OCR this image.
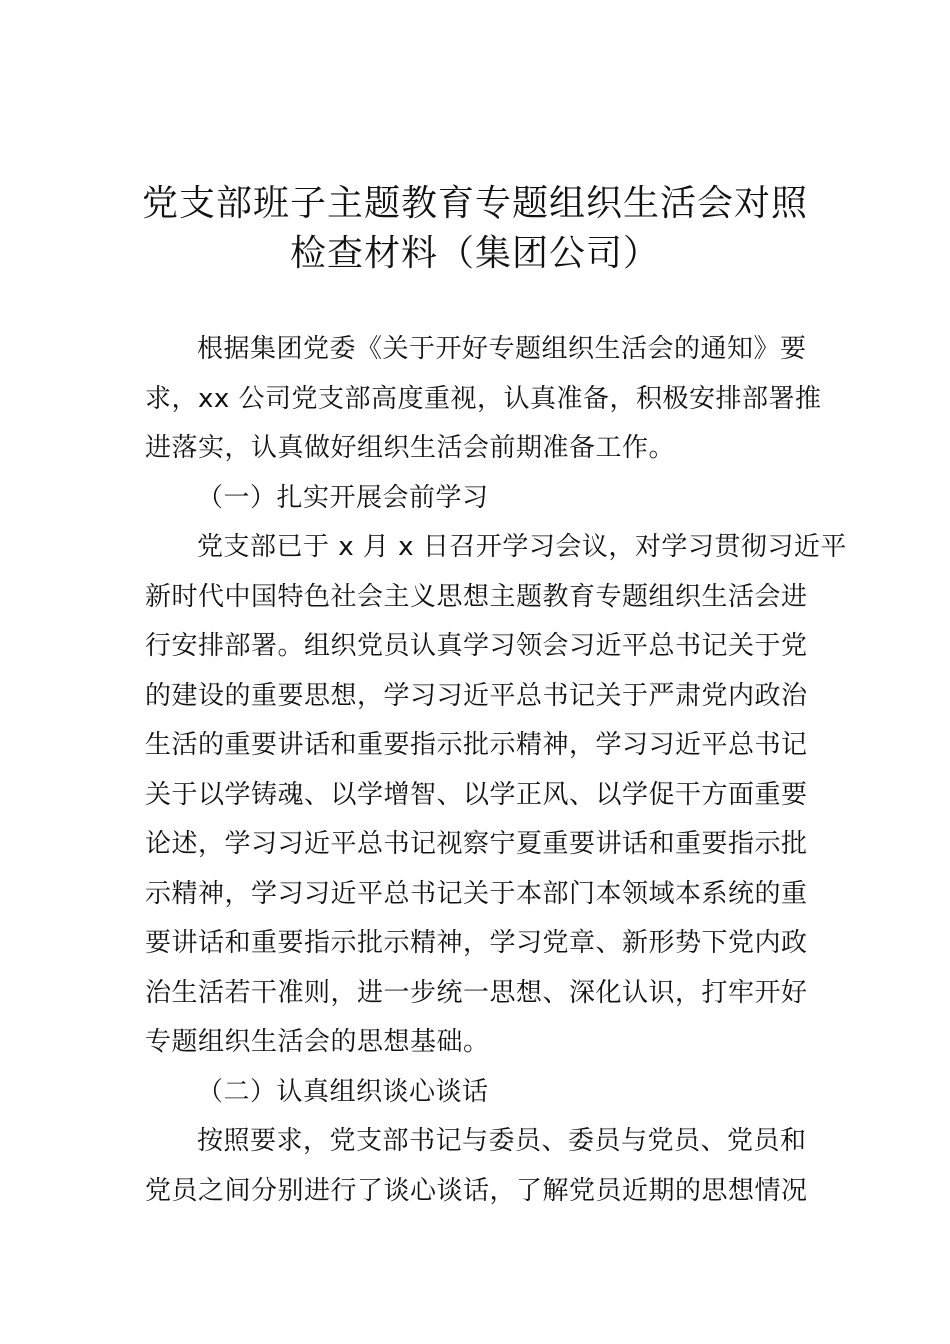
党支部班子主题教育专题组织生活会对照
检查材料（集团公司）

根据集团党委《关于开好专题组织生活会的通知》要
求，xx 公司党支部高度重视，认真准备，积极安排部署推
进落实，认真做好组织生活会前期准备工作。

（一）扎实开展会前学习

党支部已于 x 月 x 日召开学习会议，对学习贯彻习近平
新时代中国特色社会主义思想主题教育专题组织生活会进
行安排部署。组织党员认真学习领会习近平总书记关于党
的建设的重要思想，学习习近平总书记关于严肃党内政治
生活的重要讲话和重要指示批示精神，学习习近平总书记
关于以学铸魂、以学增智、以学正风、以学促干方面重要
论述，学习习近平总书记视察宁夏重要讲话和重要指示批
示精神，学习习近平总书记关于本部门本领域本系统的重
要讲话和重要指示批示精神，学习党章、新形势下党内政
治生活若干准则，进一步统一思想、深化认识，打牢开好
专题组织生活会的思想基础。

（二）认真组织谈心谈话

按照要求，党支部书记与委员、委员与党员、党员和
党员之间分别进行了谈心谈话，了解党员近期的思想情况
